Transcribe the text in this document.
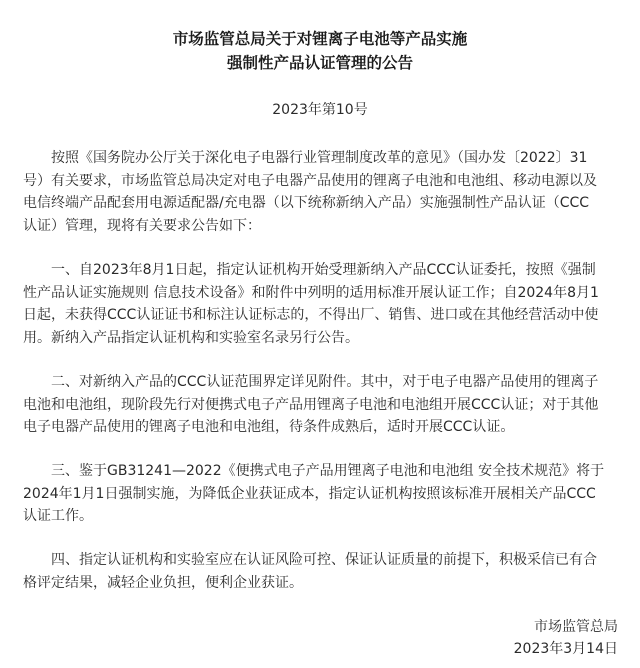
市场监管总局关于对锂离子电池等产品实施
强制性产品认证管理的公告
2023年第10号
　　按照《国务院办公厅关于深化电子电器行业管理制度改革的意见》（国办发〔2022〕31
号）有关要求，市场监管总局决定对电子电器产品使用的锂离子电池和电池组、移动电源以及
电信终端产品配套用电源适配器/充电器（以下统称新纳入产品）实施强制性产品认证（CCC
认证）管理，现将有关要求公告如下：
　　一、自2023年8月1日起，指定认证机构开始受理新纳入产品CCC认证委托，按照《强制
性产品认证实施规则 信息技术设备》和附件中列明的适用标准开展认证工作；自2024年8月1
日起，未获得CCC认证证书和标注认证标志的，不得出厂、销售、进口或在其他经营活动中使
用。新纳入产品指定认证机构和实验室名录另行公告。
　　二、对新纳入产品的CCC认证范围界定详见附件。其中，对于电子电器产品使用的锂离子
电池和电池组，现阶段先行对便携式电子产品用锂离子电池和电池组开展CCC认证；对于其他
电子电器产品使用的锂离子电池和电池组，待条件成熟后，适时开展CCC认证。
　　三、鉴于GB31241—2022《便携式电子产品用锂离子电池和电池组 安全技术规范》将于
2024年1月1日强制实施，为降低企业获证成本，指定认证机构按照该标准开展相关产品CCC
认证工作。
　　四、指定认证机构和实验室应在认证风险可控、保证认证质量的前提下，积极采信已有合
格评定结果，减轻企业负担，便利企业获证。
市场监管总局
2023年3月14日
